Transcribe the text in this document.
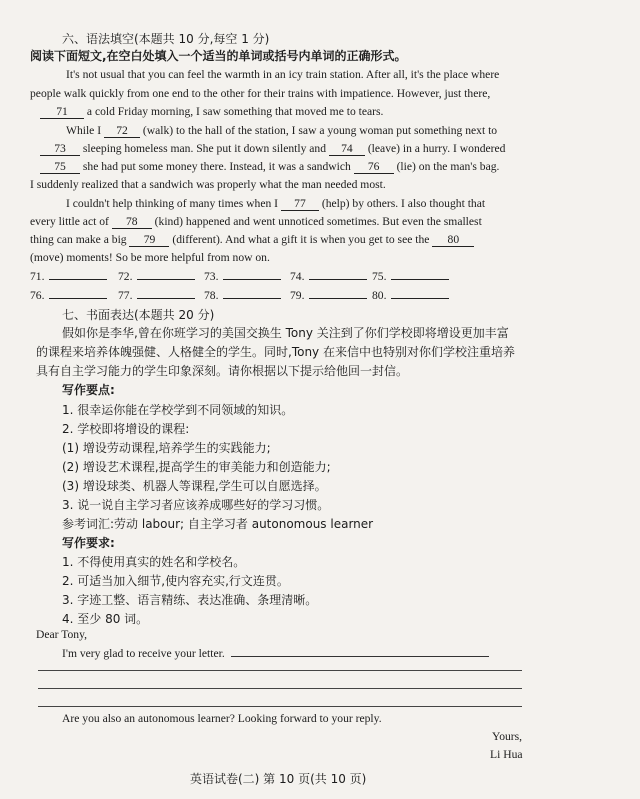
六、语法填空(本题共 10 分,每空 1 分)
阅读下面短文,在空白处填入一个适当的单词或括号内单词的正确形式。
It's not usual that you can feel the warmth in an icy train station. After all, it's the place where
people walk quickly from one end to the other for their trains with impatience. However, just there,
71 a cold Friday morning, I saw something that moved me to tears.
While I 72 (walk) to the hall of the station, I saw a young woman put something next to
73 sleeping homeless man. She put it down silently and 74 (leave) in a hurry. I wondered
75 she had put some money there. Instead, it was a sandwich 76 (lie) on the man's bag.
I suddenly realized that a sandwich was properly what the man needed most.
I couldn't help thinking of many times when I 77 (help) by others. I also thought that
every little act of 78 (kind) happened and went unnoticed sometimes. But even the smallest
thing can make a big 79 (different). And what a gift it is when you get to see the 80
(move) moments! So be more helpful from now on.
71.	72.	73.	74.	75.
76.	77.	78.	79.	80.
七、书面表达(本题共 20 分)
假如你是李华,曾在你班学习的美国交换生 Tony 关注到了你们学校即将增设更加丰富
的课程来培养体魄强健、人格健全的学生。同时,Tony 在来信中也特别对你们学校注重培养
具有自主学习能力的学生印象深刻。请你根据以下提示给他回一封信。
写作要点:
1. 很幸运你能在学校学到不同领域的知识。
2. 学校即将增设的课程:
(1) 增设劳动课程,培养学生的实践能力;
(2) 增设艺术课程,提高学生的审美能力和创造能力;
(3) 增设球类、机器人等课程,学生可以自愿选择。
3. 说一说自主学习者应该养成哪些好的学习习惯。
参考词汇:劳动 labour; 自主学习者 autonomous learner
写作要求:
1. 不得使用真实的姓名和学校名。
2. 可适当加入细节,使内容充实,行文连贯。
3. 字迹工整、语言精练、表达准确、条理清晰。
4. 至少 80 词。
Dear Tony,
I'm very glad to receive your letter.
Are you also an autonomous learner? Looking forward to your reply.
Yours,
Li Hua
英语试卷(二) 第 10 页(共 10 页)
